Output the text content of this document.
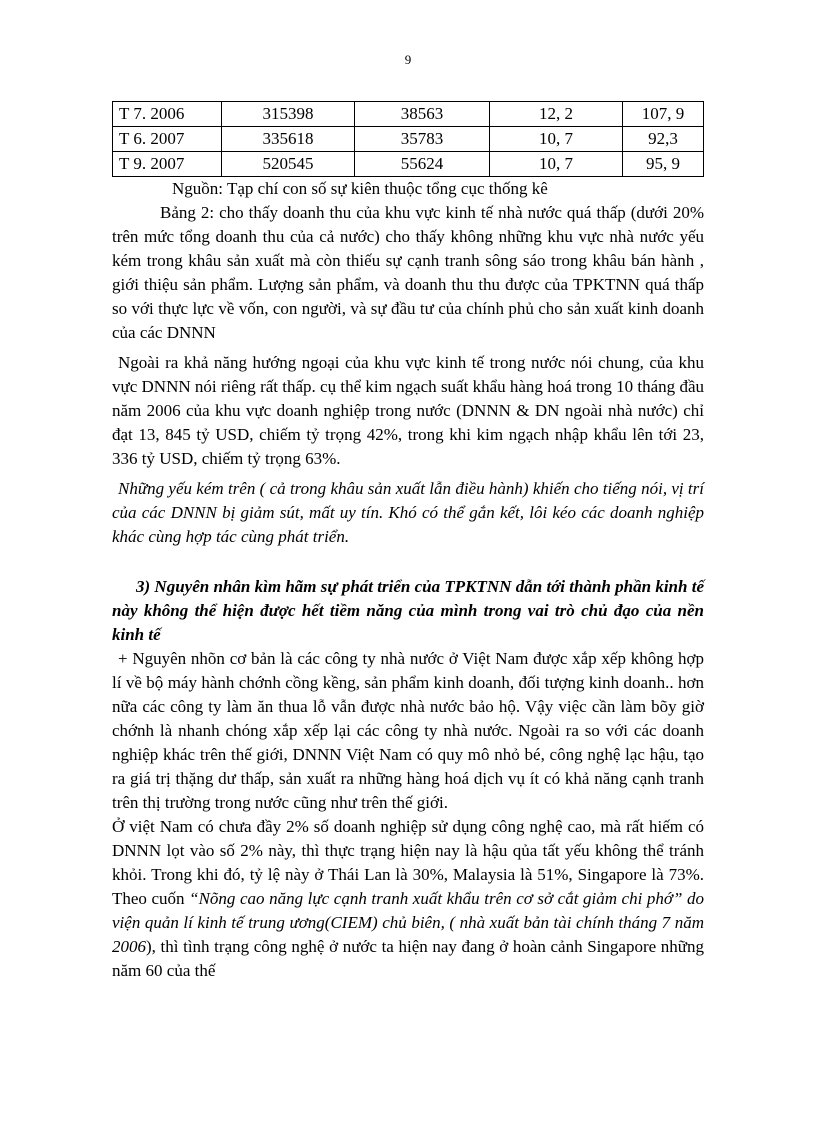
9
T 7. 2006	315398	38563	12, 2	107, 9
T 6. 2007	335618	35783	10, 7	92,3
T 9. 2007	520545	55624	10, 7	95, 9

Nguồn: Tạp chí con số sự kiên thuộc tổng cục thống kê

Bảng 2: cho thấy doanh thu của khu vực kinh tế nhà nước quá thấp (dưới 20% trên mức tổng doanh thu của cả nước) cho thấy không những khu vực nhà nước yếu kém trong khâu sản xuất mà còn thiếu sự cạnh tranh sông sáo trong khâu bán hành , giới thiệu sản phẩm. Lượng sản phẩm, và doanh thu thu được của TPKTNN quá thấp so với thực lực về vốn, con người, và sự đầu tư của chính phủ cho sản xuất kinh doanh của các DNNN

Ngoài ra khả năng hướng ngoại của khu vực kinh tế trong nước nói chung, của khu vực DNNN nói riêng rất thấp. cụ thể kim ngạch suất khẩu hàng hoá trong 10 tháng đầu năm 2006 của khu vực doanh nghiệp trong nước (DNNN & DN ngoài nhà nước) chỉ đạt 13, 845 tỷ USD, chiếm tỷ trọng 42%, trong khi kim ngạch nhập khẩu lên tới 23, 336 tỷ USD, chiếm tỷ trọng 63%.

Những yếu kém trên ( cả trong khâu sản xuất lẫn điều hành) khiến cho tiếng nói, vị trí của các DNNN bị giảm sút, mất uy tín. Khó có thể gắn kết, lôi kéo các doanh nghiệp khác cùng hợp tác cùng phát triển.

3) Nguyên nhân kìm hãm sự phát triển của TPKTNN dẫn tới thành phần kinh tế này không thể hiện được hết tiềm năng của mình trong vai trò chủ đạo của nền kinh tế

+ Nguyên nhõn cơ bản là các công ty nhà nước ở Việt Nam được xắp xếp không hợp lí về bộ máy hành chớnh cồng kềng, sản phẩm kinh doanh, đối tượng kinh doanh.. hơn nữa các công ty làm ăn thua lỗ vẫn được nhà nước bảo hộ. Vậy việc cần làm bõy giờ chớnh là nhanh chóng xắp xếp lại các công ty nhà nước. Ngoài ra so với các doanh nghiệp khác trên thế giới, DNNN Việt Nam có quy mô nhỏ bé, công nghệ lạc hậu, tạo ra giá trị thặng dư thấp, sản xuất ra những hàng hoá dịch vụ ít có khả năng cạnh tranh trên thị trường trong nước cũng như trên thế giới.

Ở việt Nam có chưa đầy 2% số doanh nghiệp sử dụng công nghệ cao, mà rất hiếm có DNNN lọt vào số 2% này, thì thực trạng hiện nay là hậu qủa tất yếu không thể tránh khỏi. Trong khi đó, tỷ lệ này ở Thái Lan là 30%, Malaysia là 51%, Singapore là 73%. Theo cuốn “Nõng cao năng lực cạnh tranh xuất khẩu trên cơ sở cắt giảm chi phớ” do viện quản lí kinh tế trung ương(CIEM) chủ biên, ( nhà xuất bản tài chính tháng 7 năm 2006), thì tình trạng công nghệ ở nước ta hiện nay đang ở hoàn cảnh Singapore những năm 60 của thế
